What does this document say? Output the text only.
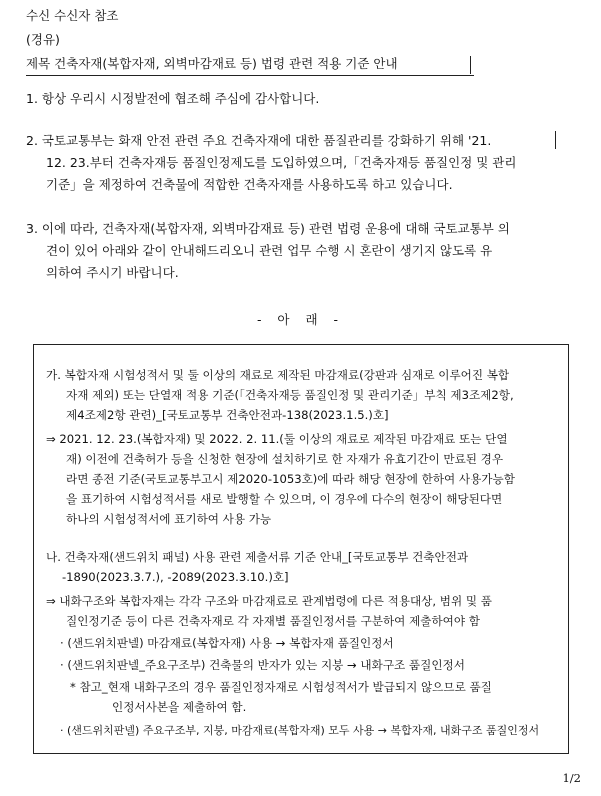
수신 수신자 참조
(경유)
제목 건축자재(복합자재, 외벽마감재료 등) 법령 관련 적용 기준 안내
1. 항상 우리시 시정발전에 협조해 주심에 감사합니다.
2. 국토교통부는 화재 안전 관련 주요 건축자재에 대한 품질관리를 강화하기 위해 '21.
12. 23.부터 건축자재등 품질인정제도를 도입하였으며,「건축자재등 품질인정 및 관리
기준」을 제정하여 건축물에 적합한 건축자재를 사용하도록 하고 있습니다.
3. 이에 따라, 건축자재(복합자재, 외벽마감재료 등) 관련 법령 운용에 대해 국토교통부 의
견이 있어 아래와 같이 안내해드리오니 관련 업무 수행 시 혼란이 생기지 않도록 유
의하여 주시기 바랍니다.
- 아 래 -
가. 복합자재 시험성적서 및 둘 이상의 재료로 제작된 마감재료(강판과 심재로 이루어진 복합
자재 제외) 또는 단열재 적용 기준(「건축자재등 품질인정 및 관리기준」부칙 제3조제2항,
제4조제2항 관련)_[국토교통부 건축안전과-138(2023.1.5.)호]
⇒ 2021. 12. 23.(복합자재) 및 2022. 2. 11.(둘 이상의 재료로 제작된 마감재료 또는 단열
재) 이전에 건축허가 등을 신청한 현장에 설치하기로 한 자재가 유효기간이 만료된 경우
라면 종전 기준(국토교통부고시 제2020-1053호)에 따라 해당 현장에 한하여 사용가능함
을 표기하여 시험성적서를 새로 발행할 수 있으며, 이 경우에 다수의 현장이 해당된다면
하나의 시험성적서에 표기하여 사용 가능
나. 건축자재(샌드위치 패널) 사용 관련 제출서류 기준 안내_[국토교통부 건축안전과
-1890(2023.3.7.), -2089(2023.3.10.)호]
⇒ 내화구조와 복합자재는 각각 구조와 마감재료로 관계법령에 다른 적용대상, 범위 및 품
질인정기준 등이 다른 건축자재로 각 자재별 품질인정서를 구분하여 제출하여야 함
· (샌드위치판넬) 마감재료(복합자재) 사용 → 복합자재 품질인정서
· (샌드위치판넬_주요구조부) 건축물의 반자가 있는 지붕 → 내화구조 품질인정서
* 참고_현재 내화구조의 경우 품질인정자재로 시험성적서가 발급되지 않으므로 품질
인정서사본을 제출하여 함.
· (샌드위치판넬) 주요구조부, 지붕, 마감재료(복합자재) 모두 사용 → 복합자재, 내화구조 품질인정서
1/2
